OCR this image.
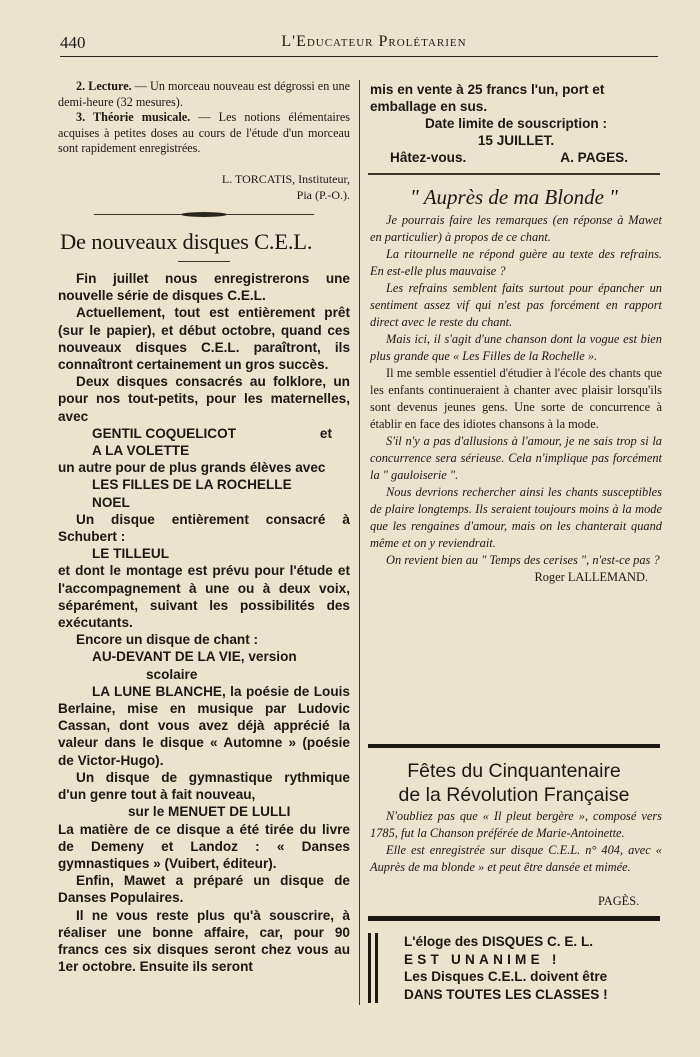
440	L'Educateur Prolétarien
2. Lecture. — Un morceau nouveau est dégrossi en une demi-heure (32 mesures).
3. Théorie musicale. — Les notions élémentaires acquises à petites doses au cours de l'étude d'un morceau sont rapidement enregistrées.
L. TORCATIS, Instituteur,
Pia (P.-O.).
De nouveaux disques C.E.L.

Fin juillet nous enregistrerons une nouvelle série de disques C.E.L.

Actuellement, tout est entièrement prêt (sur le papier), et début octobre, quand ces nouveaux disques C.E.L. paraîtront, ils connaîtront certainement un gros succès.

Deux disques consacrés au folklore, un pour nos tout-petits, pour les maternelles, avec

GENTIL COQUELICOT	et

A LA VOLETTE

un autre pour de plus grands élèves avec

LES FILLES DE LA ROCHELLE

NOEL

Un disque entièrement consacré à Schubert :

LE TILLEUL

et dont le montage est prévu pour l'étude et l'accompagnement à une ou à deux voix, séparément, suivant les possibilités des exécutants.

Encore un disque de chant :

AU-DEVANT DE LA VIE, version

scolaire

LA LUNE BLANCHE, la poésie de Louis Berlaine, mise en musique par Ludovic Cassan, dont vous avez déjà apprécié la valeur dans le disque « Automne » (poésie de Victor-Hugo).

Un disque de gymnastique rythmique d'un genre tout à fait nouveau,

sur le MENUET DE LULLI

La matière de ce disque a été tirée du livre de Demeny et Landoz : « Danses gymnastiques » (Vuibert, éditeur).

Enfin, Mawet a préparé un disque de Danses Populaires.

Il ne vous reste plus qu'à souscrire, à réaliser une bonne affaire, car, pour 90 francs ces six disques seront chez vous au 1er octobre. Ensuite ils seront

mis en vente à 25 francs l'un, port et emballage en sus.

Date limite de souscription :

15 JUILLET.

Hâtez-vous.	A. PAGES.

" Auprès de ma Blonde "

Je pourrais faire les remarques (en réponse à Mawet en particulier) à propos de ce chant.

La ritournelle ne répond guère au texte des refrains. En est-elle plus mauvaise ?

Les refrains semblent faits surtout pour épancher un sentiment assez vif qui n'est pas forcément en rapport direct avec le reste du chant.

Mais ici, il s'agit d'une chanson dont la vogue est bien plus grande que « Les Filles de la Rochelle ».

Il me semble essentiel d'étudier à l'école des chants que les enfants continueraient à chanter avec plaisir lorsqu'ils sont devenus jeunes gens. Une sorte de concurrence à établir en face des idiotes chansons à la mode.

S'il n'y a pas d'allusions à l'amour, je ne sais trop si la concurrence sera sérieuse. Cela n'implique pas forcément la " gauloiserie ".

Nous devrions rechercher ainsi les chants susceptibles de plaire longtemps. Ils seraient toujours moins à la mode que les rengaines d'amour, mais on les chanterait quand même et on y reviendrait.

On revient bien au " Temps des cerises ", n'est-ce pas ?

Roger LALLEMAND.

Fêtes du Cinquantenaire
de la Révolution Française

N'oubliez pas que « Il pleut bergère », composé vers 1785, fut la Chanson préférée de Marie-Antoinette.

Elle est enregistrée sur disque C.E.L. n° 404, avec « Auprès de ma blonde » et peut être dansée et mimée.

PAGÈS.

L'éloge des DISQUES C. E. L.

EST UNANIME !

Les Disques C.E.L. doivent être

DANS TOUTES LES CLASSES !
